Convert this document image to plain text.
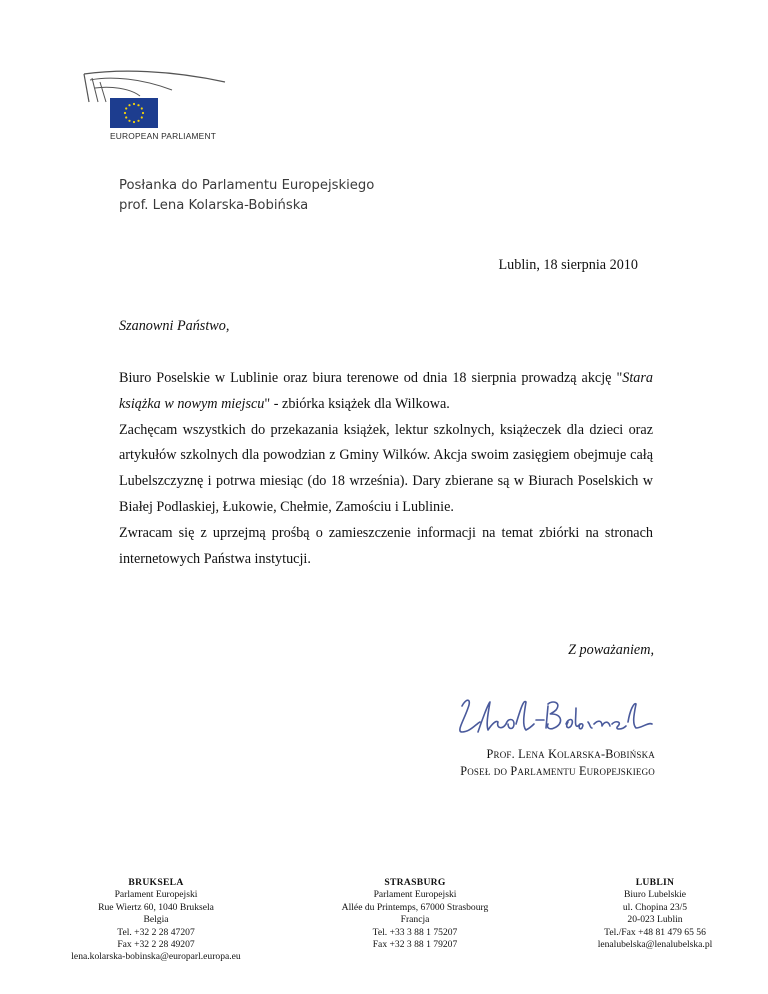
EUROPEAN PARLIAMENT
Posłanka do Parlamentu Europejskiego
prof. Lena Kolarska-Bobińska
Lublin, 18 sierpnia 2010
Szanowni Państwo,

Biuro Poselskie w Lublinie oraz biura terenowe od dnia 18 sierpnia prowadzą akcję "Stara książka w nowym miejscu" - zbiórka książek dla Wilkowa.

Zachęcam wszystkich do przekazania książek, lektur szkolnych, książeczek dla dzieci oraz artykułów szkolnych dla powodzian z Gminy Wilków. Akcja swoim zasięgiem obejmuje całą Lubelszczyznę i potrwa miesiąc (do 18 września). Dary zbierane są w Biurach Poselskich w Białej Podlaskiej, Łukowie, Chełmie, Zamościu i Lublinie.

Zwracam się z uprzejmą prośbą o zamieszczenie informacji na temat zbiórki na stronach internetowych Państwa instytucji.

Z poważaniem,
Prof. Lena Kolarska-Bobińska
Poseł do Parlamentu Europejskiego
BRUKSELA
Parlament Europejski
Rue Wiertz 60, 1040 Bruksela
Belgia
Tel. +32 2 28 47207
Fax +32 2 28 49207
lena.kolarska-bobinska@europarl.europa.eu
STRASBURG
Parlament Europejski
Allée du Printemps, 67000 Strasbourg
Francja
Tel. +33 3 88 1 75207
Fax +32 3 88 1 79207
LUBLIN
Biuro Lubelskie
ul. Chopina 23/5
20-023 Lublin
Tel./Fax +48 81 479 65 56
lenalubelska@lenalubelska.pl
